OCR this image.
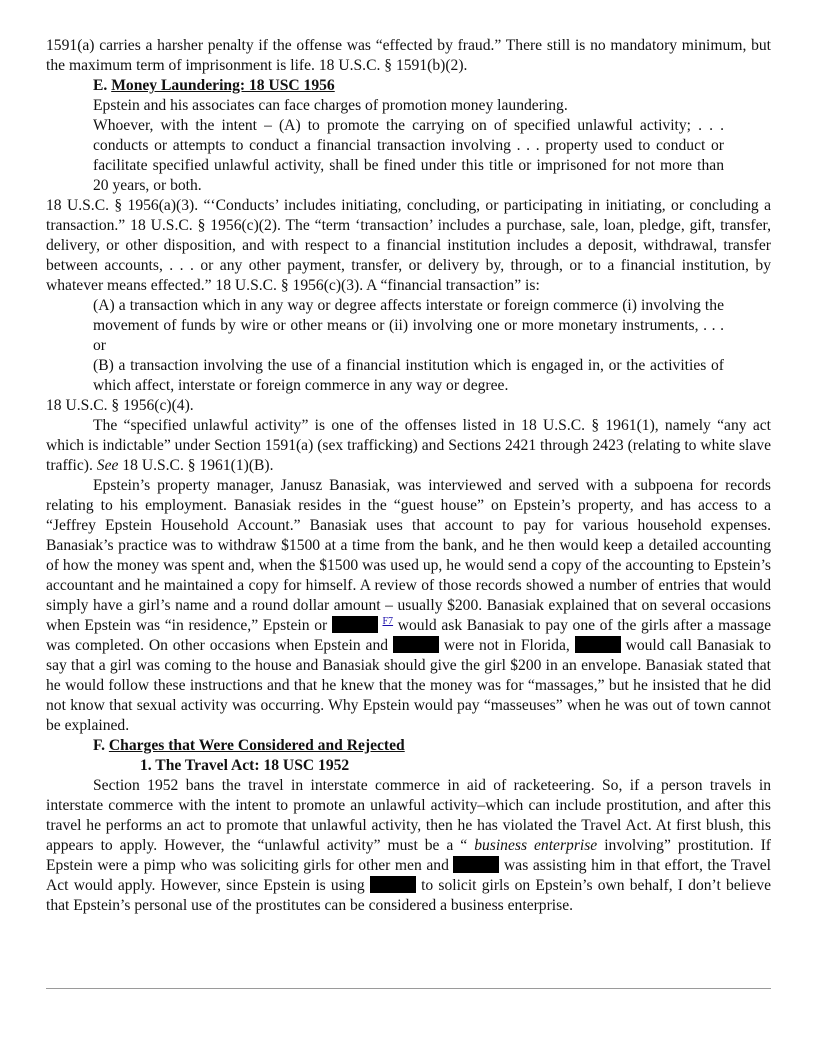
1591(a) carries a harsher penalty if the offense was “effected by fraud.” There still is no mandatory minimum, but the maximum term of imprisonment is life. 18 U.S.C. § 1591(b)(2).

E. Money Laundering: 18 USC 1956

Epstein and his associates can face charges of promotion money laundering.

Whoever, with the intent – (A) to promote the carrying on of specified unlawful activity; . . . conducts or attempts to conduct a financial transaction involving . . . property used to conduct or facilitate specified unlawful activity, shall be fined under this title or imprisoned for not more than 20 years, or both.

18 U.S.C. § 1956(a)(3). “‘Conducts’ includes initiating, concluding, or participating in initiating, or concluding a transaction.” 18 U.S.C. § 1956(c)(2). The “term ‘transaction’ includes a purchase, sale, loan, pledge, gift, transfer, delivery, or other disposition, and with respect to a financial institution includes a deposit, withdrawal, transfer between accounts, . . . or any other payment, transfer, or delivery by, through, or to a financial institution, by whatever means effected.” 18 U.S.C. § 1956(c)(3). A “financial transaction” is:

(A) a transaction which in any way or degree affects interstate or foreign commerce (i) involving the movement of funds by wire or other means or (ii) involving one or more monetary instruments, . . . or

(B) a transaction involving the use of a financial institution which is engaged in, or the activities of which affect, interstate or foreign commerce in any way or degree.

18 U.S.C. § 1956(c)(4).

The “specified unlawful activity” is one of the offenses listed in 18 U.S.C. § 1961(1), namely “any act which is indictable” under Section 1591(a) (sex trafficking) and Sections 2421 through 2423 (relating to white slave traffic). See 18 U.S.C. § 1961(1)(B).

Epstein’s property manager, Janusz Banasiak, was interviewed and served with a subpoena for records relating to his employment. Banasiak resides in the “guest house” on Epstein’s property, and has access to a “Jeffrey Epstein Household Account.” Banasiak uses that account to pay for various household expenses. Banasiak’s practice was to withdraw $1500 at a time from the bank, and he then would keep a detailed accounting of how the money was spent and, when the $1500 was used up, he would send a copy of the accounting to Epstein’s accountant and he maintained a copy for himself. A review of those records showed a number of entries that would simply have a girl’s name and a round dollar amount – usually $200. Banasiak explained that on several occasions when Epstein was “in residence,” Epstein or	$^{F7}$ would ask Banasiak to pay one of the girls after a massage was completed. On other occasions when Epstein and	were not in Florida,	would call Banasiak to say that a girl was coming to the house and Banasiak should give the girl $200 in an envelope. Banasiak stated that he would follow these instructions and that he knew that the money was for “massages,” but he insisted that he did not know that sexual activity was occurring. Why Epstein would pay “masseuses” when he was out of town cannot be explained.

F. Charges that Were Considered and Rejected

1. The Travel Act: 18 USC 1952

Section 1952 bans the travel in interstate commerce in aid of racketeering. So, if a person travels in interstate commerce with the intent to promote an unlawful activity–which can include prostitution, and after this travel he performs an act to promote that unlawful activity, then he has violated the Travel Act. At first blush, this appears to apply. However, the “unlawful activity” must be a “ business enterprise involving” prostitution. If Epstein were a pimp who was soliciting girls for other men and	was assisting him in that effort, the Travel Act would apply. However, since Epstein is using	to solicit girls on Epstein’s own behalf, I don’t believe that Epstein’s personal use of the prostitutes can be considered a business enterprise.
